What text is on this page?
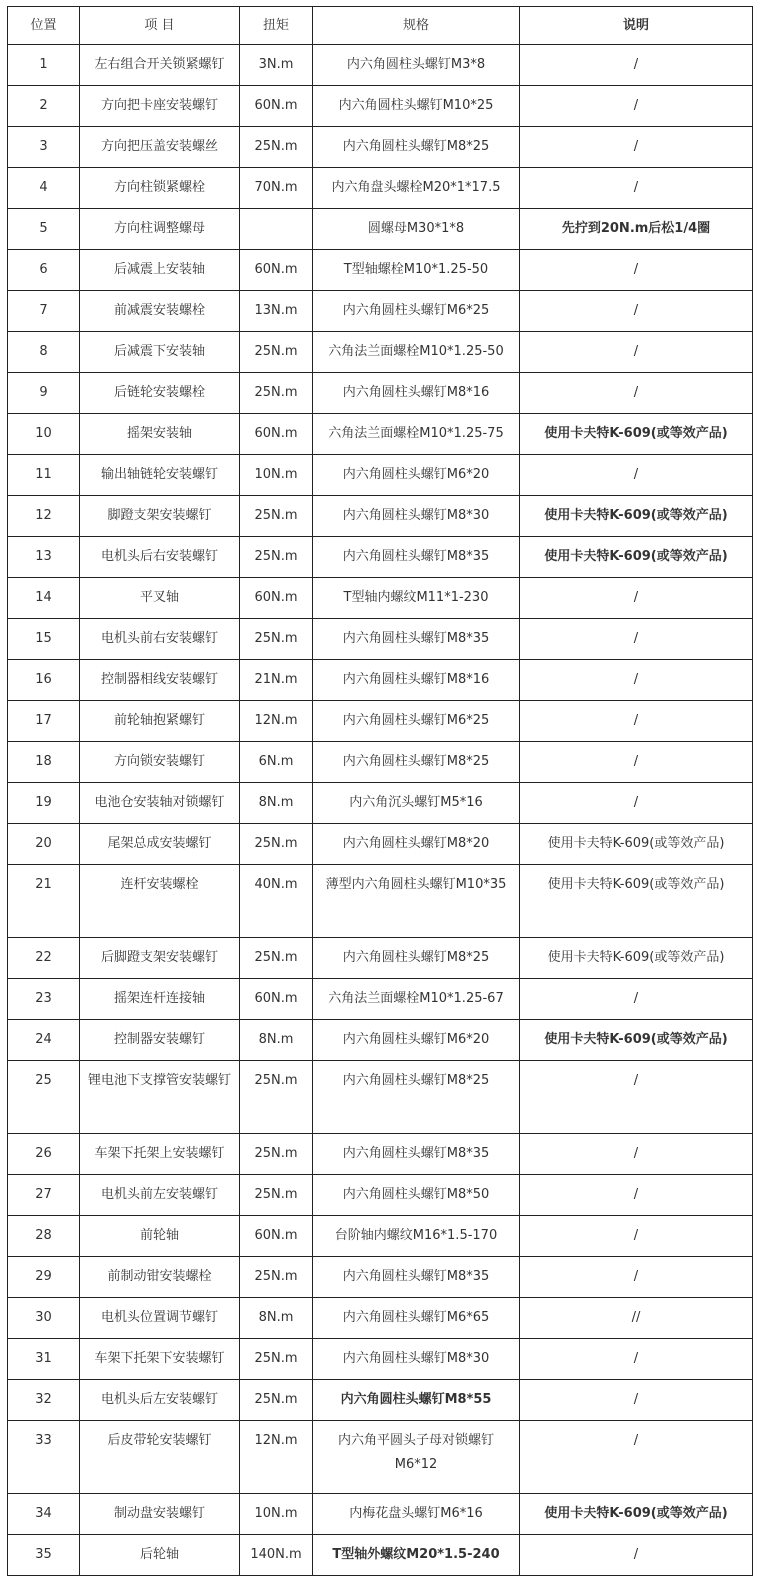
位置	项 目	扭矩	规格	说明
1	左右组合开关锁紧螺钉	3N.m	内六角圆柱头螺钉M3*8	/
2	方向把卡座安装螺钉	60N.m	内六角圆柱头螺钉M10*25	/
3	方向把压盖安装螺丝	25N.m	内六角圆柱头螺钉M8*25	/
4	方向柱锁紧螺栓	70N.m	内六角盘头螺栓M20*1*17.5	/
5	方向柱调整螺母		圆螺母M30*1*8	先拧到20N.m后松1/4圈
6	后减震上安装轴	60N.m	T型轴螺栓M10*1.25-50	/
7	前减震安装螺栓	13N.m	内六角圆柱头螺钉M6*25	/
8	后减震下安装轴	25N.m	六角法兰面螺栓M10*1.25-50	/
9	后链轮安装螺栓	25N.m	内六角圆柱头螺钉M8*16	/
10	摇架安装轴	60N.m	六角法兰面螺栓M10*1.25-75	使用卡夫特K-609(或等效产品)
11	输出轴链轮安装螺钉	10N.m	内六角圆柱头螺钉M6*20	/
12	脚蹬支架安装螺钉	25N.m	内六角圆柱头螺钉M8*30	使用卡夫特K-609(或等效产品)
13	电机头后右安装螺钉	25N.m	内六角圆柱头螺钉M8*35	使用卡夫特K-609(或等效产品)
14	平叉轴	60N.m	T型轴内螺纹M11*1-230	/
15	电机头前右安装螺钉	25N.m	内六角圆柱头螺钉M8*35	/
16	控制器相线安装螺钉	21N.m	内六角圆柱头螺钉M8*16	/
17	前轮轴抱紧螺钉	12N.m	内六角圆柱头螺钉M6*25	/
18	方向锁安装螺钉	6N.m	内六角圆柱头螺钉M8*25	/
19	电池仓安装轴对锁螺钉	8N.m	内六角沉头螺钉M5*16	/
20	尾架总成安装螺钉	25N.m	内六角圆柱头螺钉M8*20	使用卡夫特K-609(或等效产品)
21	连杆安装螺栓	40N.m	薄型内六角圆柱头螺钉M10*35	使用卡夫特K-609(或等效产品)
22	后脚蹬支架安装螺钉	25N.m	内六角圆柱头螺钉M8*25	使用卡夫特K-609(或等效产品)
23	摇架连杆连接轴	60N.m	六角法兰面螺栓M10*1.25-67	/
24	控制器安装螺钉	8N.m	内六角圆柱头螺钉M6*20	使用卡夫特K-609(或等效产品)
25	锂电池下支撑管安装螺钉	25N.m	内六角圆柱头螺钉M8*25	/
26	车架下托架上安装螺钉	25N.m	内六角圆柱头螺钉M8*35	/
27	电机头前左安装螺钉	25N.m	内六角圆柱头螺钉M8*50	/
28	前轮轴	60N.m	台阶轴内螺纹M16*1.5-170	/
29	前制动钳安装螺栓	25N.m	内六角圆柱头螺钉M8*35	/
30	电机头位置调节螺钉	8N.m	内六角圆柱头螺钉M6*65	//
31	车架下托架下安装螺钉	25N.m	内六角圆柱头螺钉M8*30	/
32	电机头后左安装螺钉	25N.m	内六角圆柱头螺钉M8*55	/
33	后皮带轮安装螺钉	12N.m	内六角平圆头子母对锁螺钉M6*12	/
34	制动盘安装螺钉	10N.m	内梅花盘头螺钉M6*16	使用卡夫特K-609(或等效产品)
35	后轮轴	140N.m	T型轴外螺纹M20*1.5-240	/
